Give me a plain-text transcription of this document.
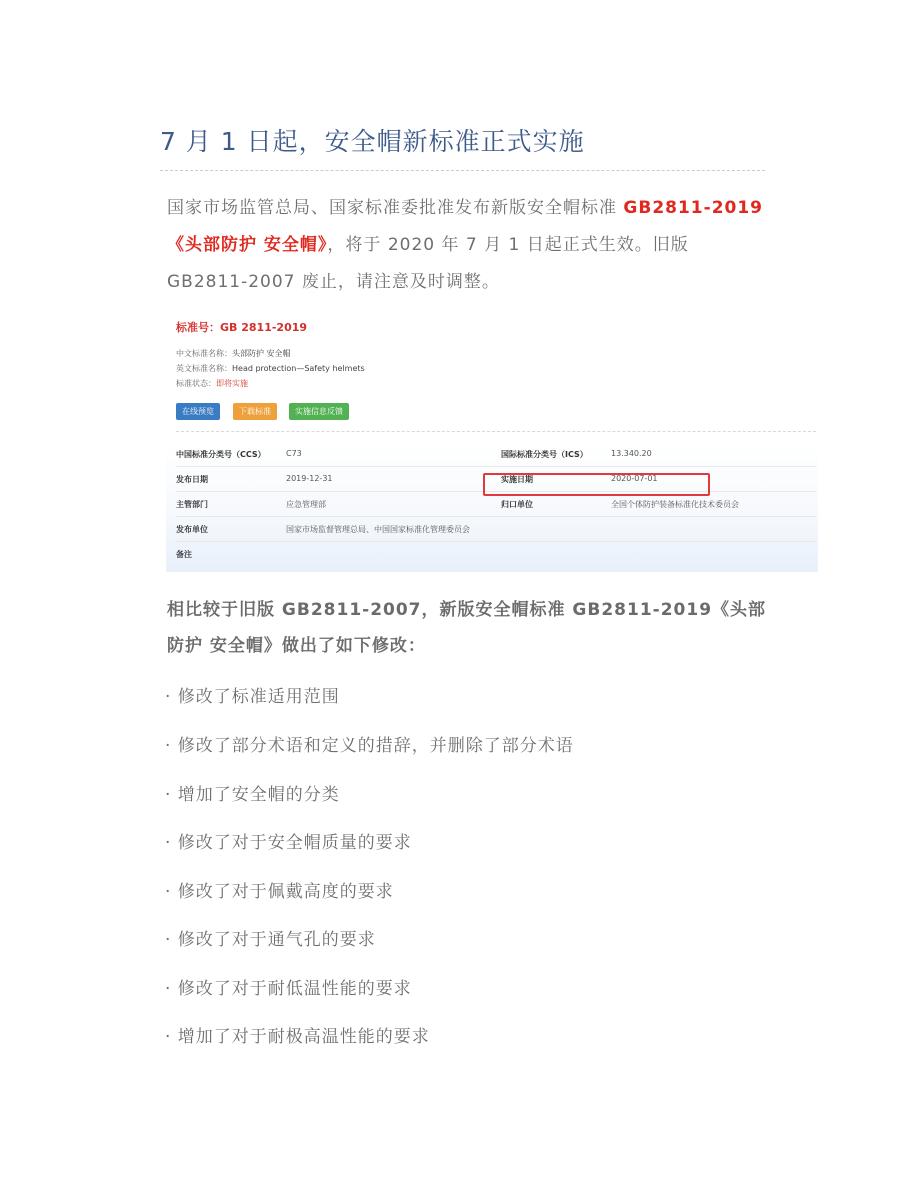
7 月 1 日起，安全帽新标准正式实施
国家市场监管总局、国家标准委批准发布新版安全帽标准 GB2811-2019《头部防护 安全帽》，将于 2020 年 7 月 1 日起正式生效。旧版 GB2811-2007 废止，请注意及时调整。
标准号：GB 2811-2019
中文标准名称：头部防护 安全帽
英文标准名称：Head protection—Safety helmets
标准状态：即将实施
在线预览	下载标准	实施信息反馈
中国标准分类号（CCS）	C73	国际标准分类号（ICS）	13.340.20
发布日期	2019-12-31	实施日期	2020-07-01
主管部门	应急管理部	归口单位	全国个体防护装备标准化技术委员会
发布单位	国家市场监督管理总局、中国国家标准化管理委员会
备注
相比较于旧版 GB2811-2007，新版安全帽标准 GB2811-2019《头部防护 安全帽》做出了如下修改：
· 修改了标准适用范围
· 修改了部分术语和定义的措辞，并删除了部分术语
· 增加了安全帽的分类
· 修改了对于安全帽质量的要求
· 修改了对于佩戴高度的要求
· 修改了对于通气孔的要求
· 修改了对于耐低温性能的要求
· 增加了对于耐极高温性能的要求
